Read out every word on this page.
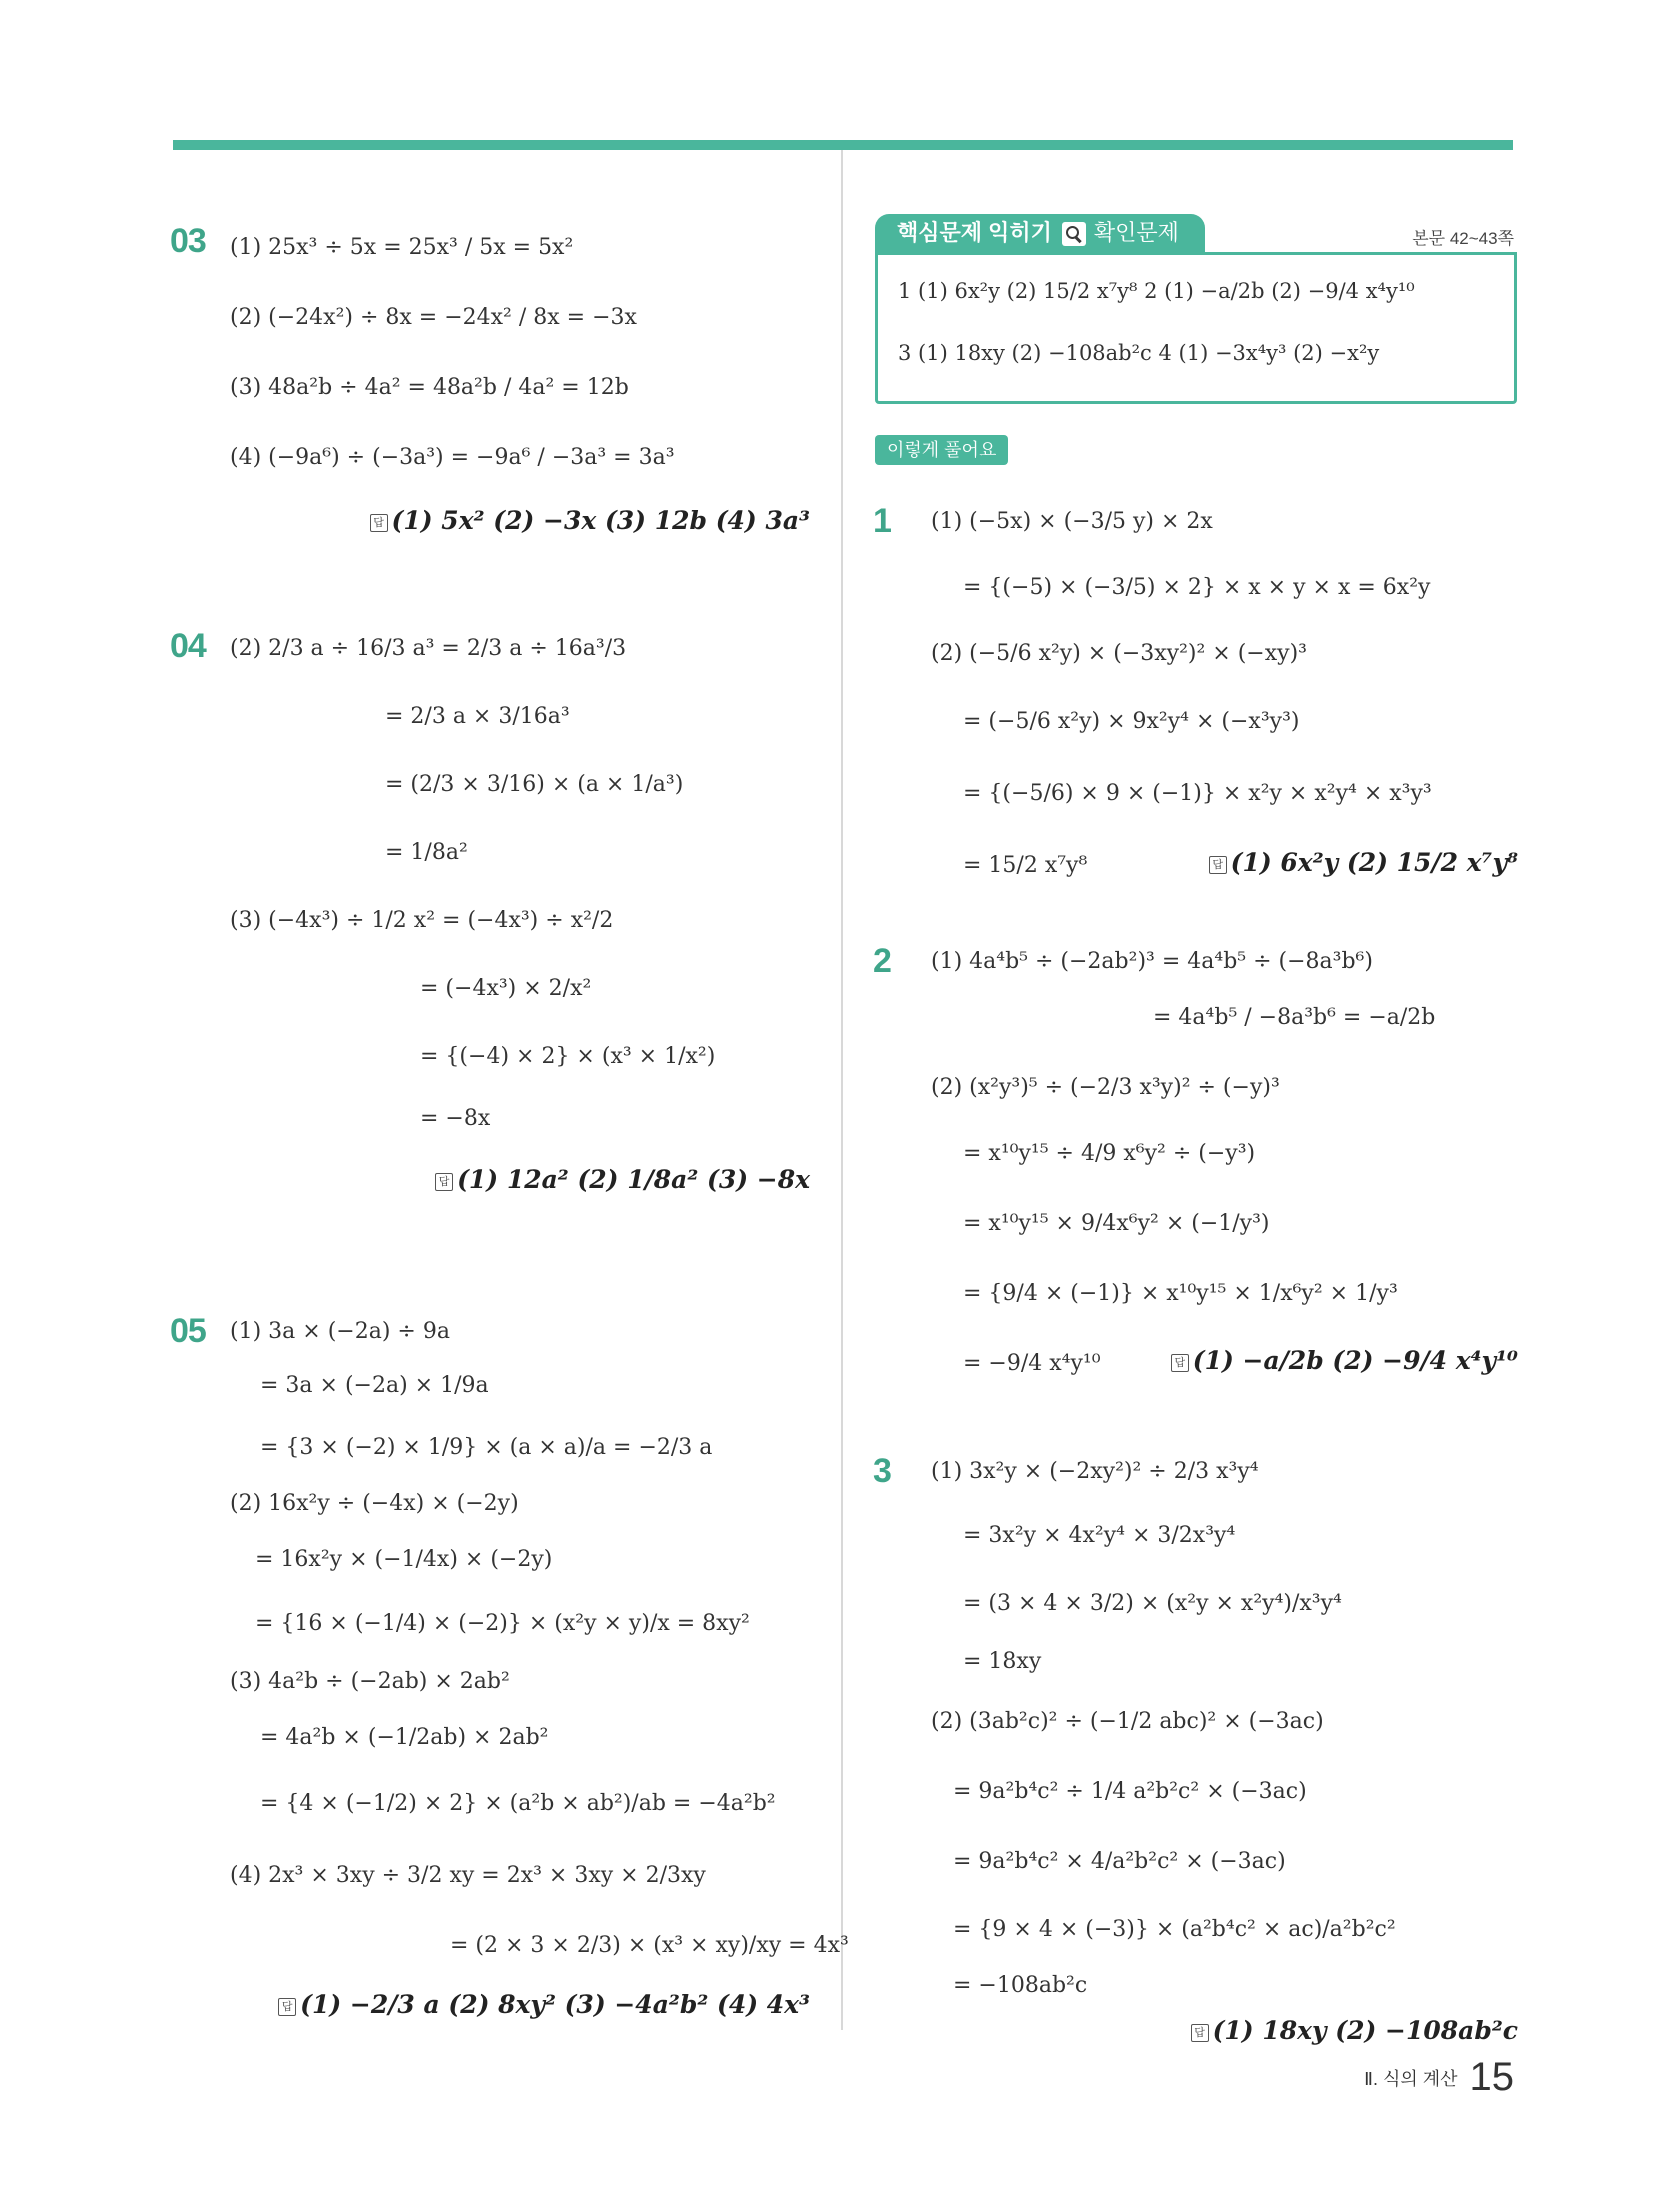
03 (1) 25x³ ÷ 5x = 25x³ / 5x = 5x²
(2) (−24x²) ÷ 8x = −24x² / 8x = −3x
(3) 48a²b ÷ 4a² = 48a²b / 4a² = 12b
(4) (−9a⁶) ÷ (−3a³) = −9a⁶ / −3a³ = 3a³
답 (1) 5x² (2) −3x (3) 12b (4) 3a³
04 (2) 2/3 a ÷ 16/3 a³ = 2/3 a ÷ 16a³/3
= 2/3 a × 3/16a³
= (2/3 × 3/16) × (a × 1/a³)
= 1/8a²
(3) (−4x³) ÷ 1/2 x² = (−4x³) ÷ x²/2
= (−4x³) × 2/x²
= {(−4) × 2} × (x³ × 1/x²)
= −8x
답 (1) 12a² (2) 1/8a² (3) −8x
05 (1) 3a × (−2a) ÷ 9a
= 3a × (−2a) × 1/9a
= {3 × (−2) × 1/9} × (a × a)/a = −2/3 a
(2) 16x²y ÷ (−4x) × (−2y)
= 16x²y × (−1/4x) × (−2y)
= {16 × (−1/4) × (−2)} × (x²y × y)/x = 8xy²
(3) 4a²b ÷ (−2ab) × 2ab²
= 4a²b × (−1/2ab) × 2ab²
= {4 × (−1/2) × 2} × (a²b × ab²)/ab = −4a²b²
(4) 2x³ × 3xy ÷ 3/2 xy = 2x³ × 3xy × 2/3xy
= (2 × 3 × 2/3) × (x³ × xy)/xy = 4x³
답 (1) −2/3 a (2) 8xy² (3) −4a²b² (4) 4x³
핵심문제 익히기 확인문제	본문 42~43쪽
1 (1) 6x²y (2) 15/2 x⁷y⁸ 2 (1) −a/2b (2) −9/4 x⁴y¹⁰
3 (1) 18xy (2) −108ab²c 4 (1) −3x⁴y³ (2) −x²y
이렇게 풀어요
1 (1) (−5x) × (−3/5 y) × 2x
= {(−5) × (−3/5) × 2} × x × y × x = 6x²y
(2) (−5/6 x²y) × (−3xy²)² × (−xy)³
= (−5/6 x²y) × 9x²y⁴ × (−x³y³)
= {(−5/6) × 9 × (−1)} × x²y × x²y⁴ × x³y³
= 15/2 x⁷y⁸	답 (1) 6x²y (2) 15/2 x⁷y⁸
2 (1) 4a⁴b⁵ ÷ (−2ab²)³ = 4a⁴b⁵ ÷ (−8a³b⁶)
= 4a⁴b⁵ / −8a³b⁶ = −a/2b
(2) (x²y³)⁵ ÷ (−2/3 x³y)² ÷ (−y)³
= x¹⁰y¹⁵ ÷ 4/9 x⁶y² ÷ (−y³)
= x¹⁰y¹⁵ × 9/4x⁶y² × (−1/y³)
= {9/4 × (−1)} × x¹⁰y¹⁵ × 1/x⁶y² × 1/y³
= −9/4 x⁴y¹⁰	답 (1) −a/2b (2) −9/4 x⁴y¹⁰
3 (1) 3x²y × (−2xy²)² ÷ 2/3 x³y⁴
= 3x²y × 4x²y⁴ × 3/2x³y⁴
= (3 × 4 × 3/2) × (x²y × x²y⁴)/x³y⁴
= 18xy
(2) (3ab²c)² ÷ (−1/2 abc)² × (−3ac)
= 9a²b⁴c² ÷ 1/4 a²b²c² × (−3ac)
= 9a²b⁴c² × 4/a²b²c² × (−3ac)
= {9 × 4 × (−3)} × (a²b⁴c² × ac)/a²b²c²
= −108ab²c
답 (1) 18xy (2) −108ab²c
Ⅱ. 식의 계산 15
